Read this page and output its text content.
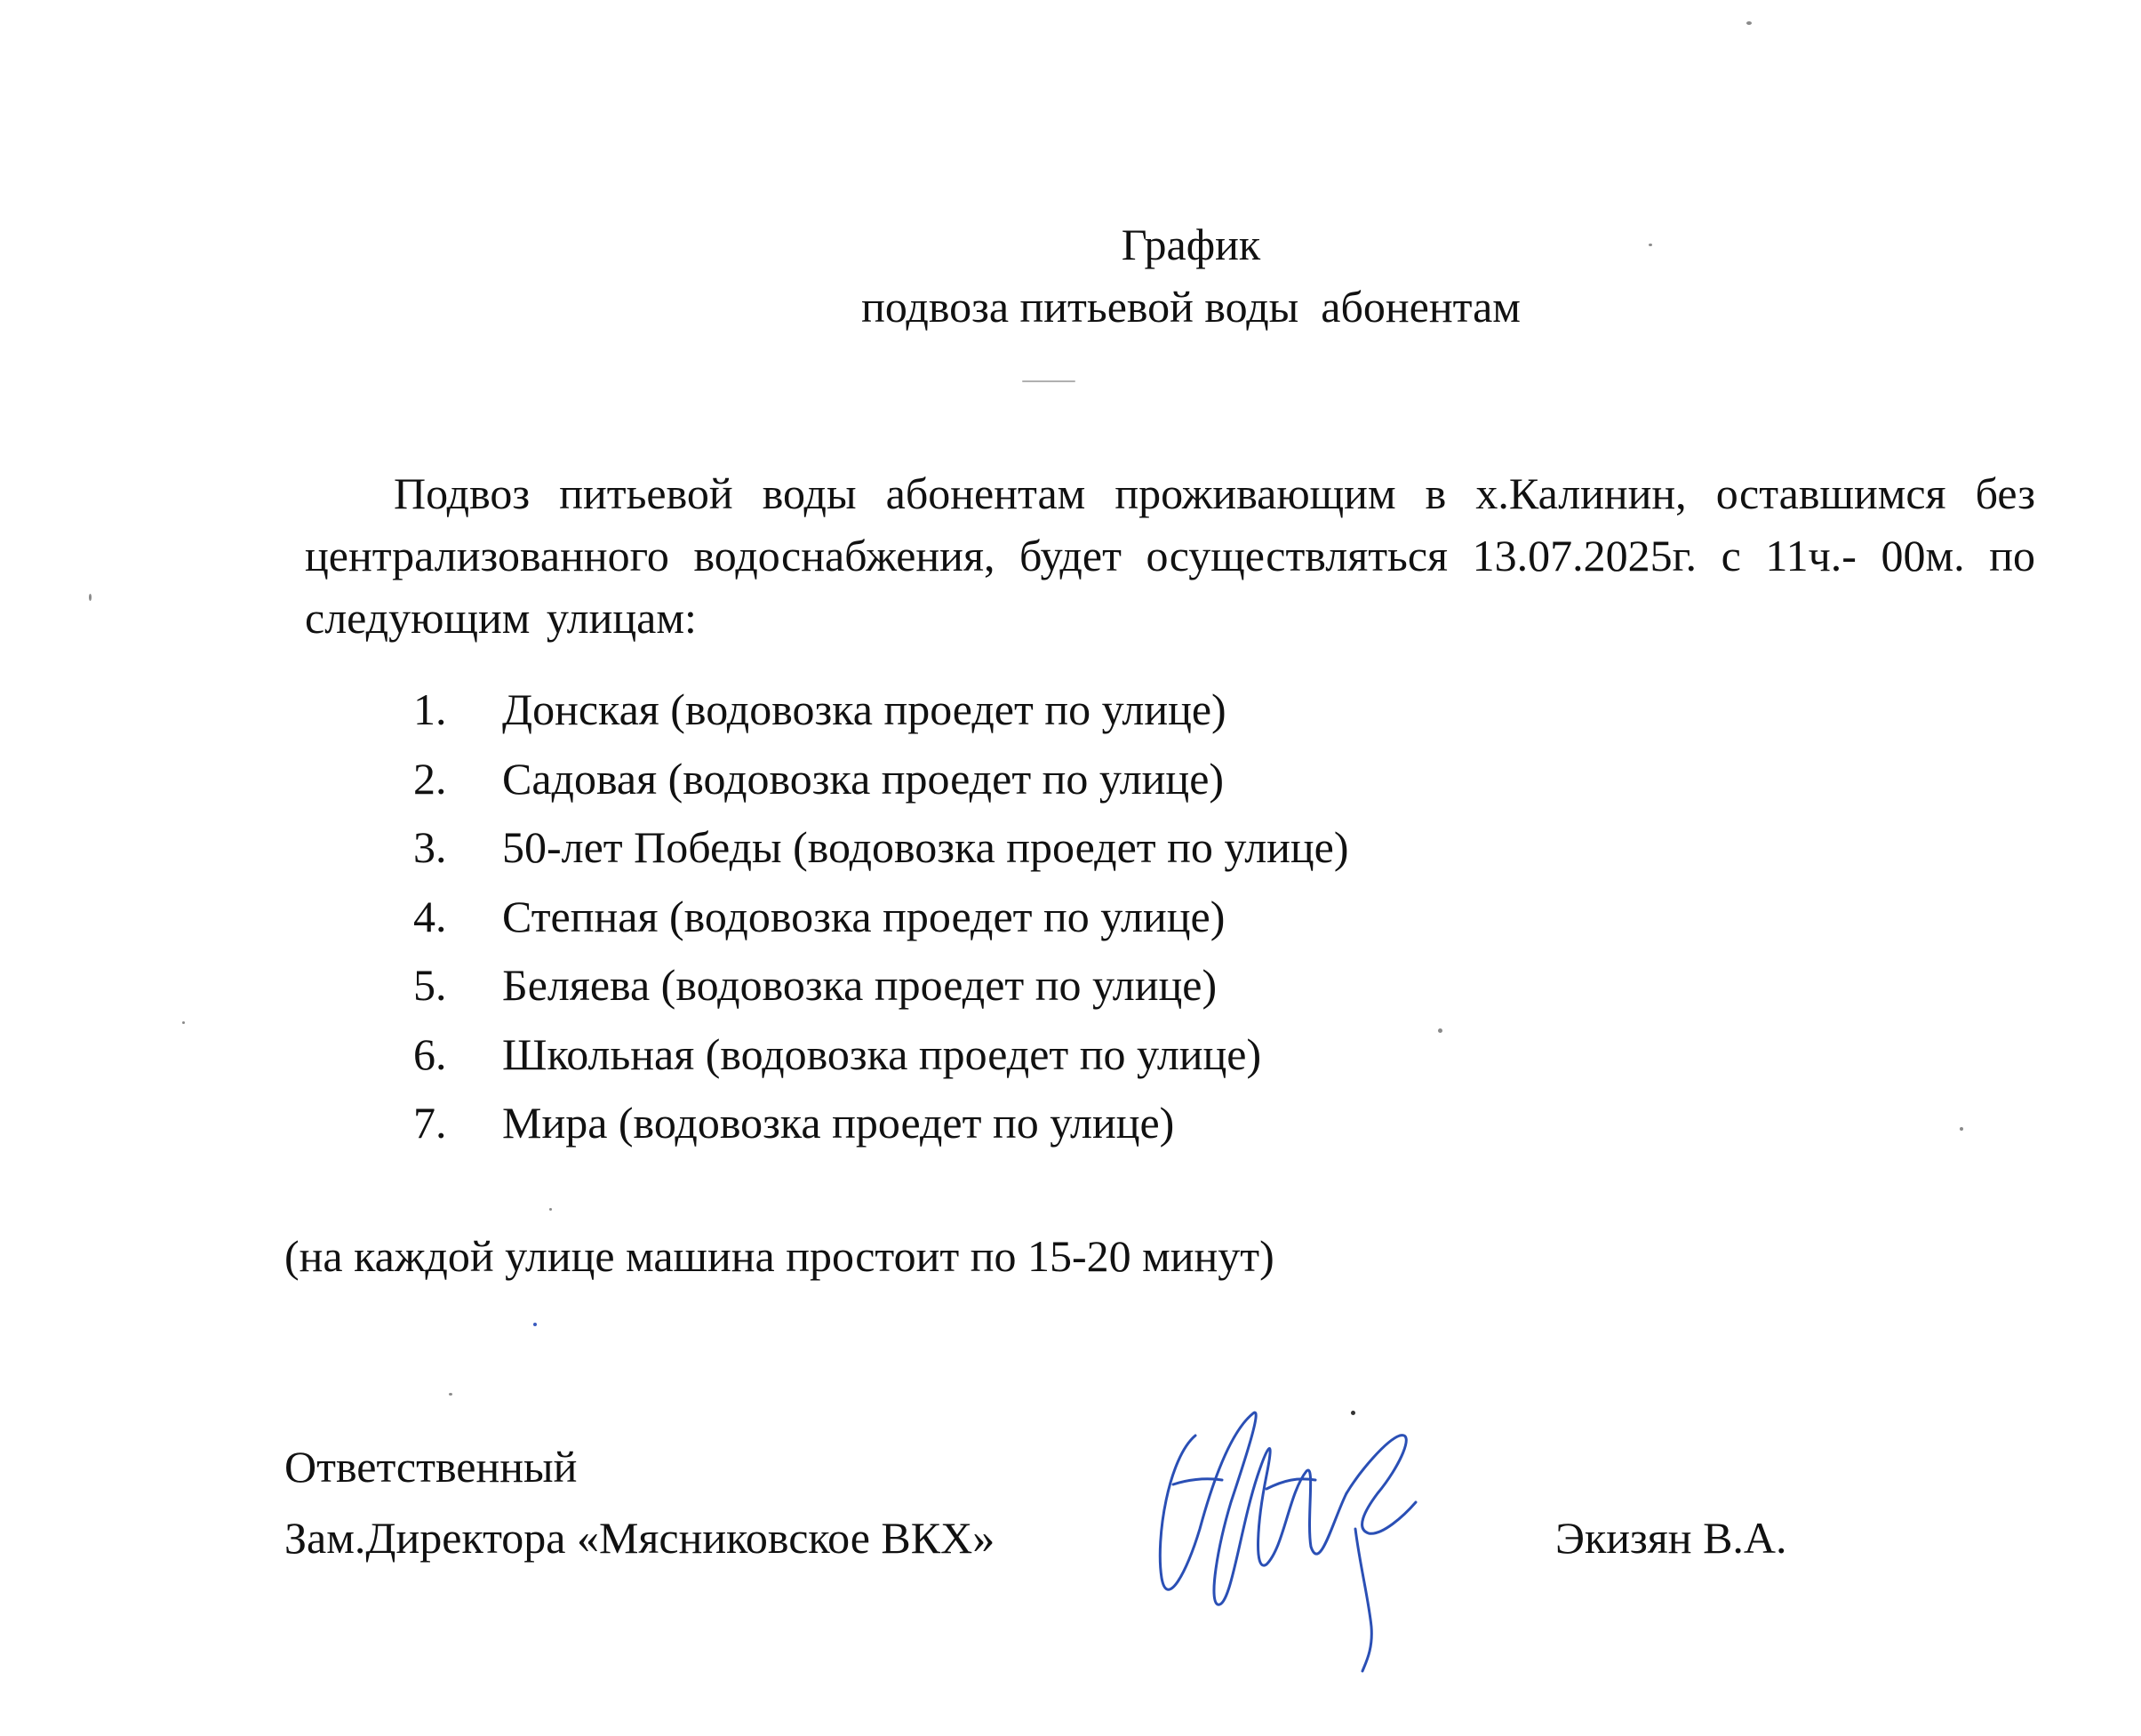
График
подвоза питьевой воды  абонентам

Подвоз питьевой воды абонентам проживающим в х.Калинин, оставшимся без централизованного водоснабжения, будет осуществляться 13.07.2025г. с 11ч.- 00м. по следующим улицам:

1.	Донская (водовозка проедет по улице)
2.	Садовая (водовозка проедет по улице)
3.	50-лет Победы (водовозка проедет по улице)
4.	Степная (водовозка проедет по улице)
5.	Беляева (водовозка проедет по улице)
6.	Школьная (водовозка проедет по улице)
7.	Мира (водовозка проедет по улице)

(на каждой улице машина простоит по 15-20 минут)

Ответственный
Зам.Директора «Мясниковское ВКХ»	Экизян В.А.
